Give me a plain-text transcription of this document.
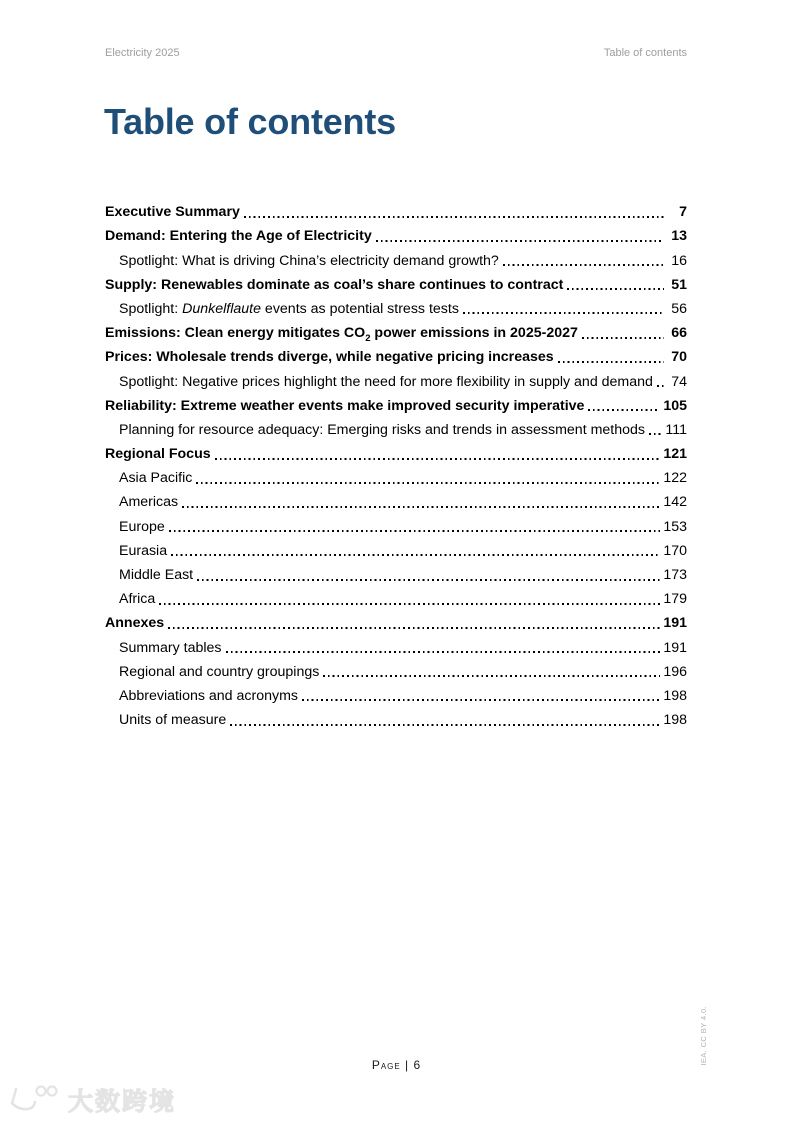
Electricity 2025	Table of contents
Table of contents
Executive Summary	7
Demand: Entering the Age of Electricity	13
Spotlight: What is driving China’s electricity demand growth?	16
Supply: Renewables dominate as coal’s share continues to contract	51
Spotlight: Dunkelflaute events as potential stress tests	56
Emissions: Clean energy mitigates $CO_2$ power emissions in 2025-2027	66
Prices: Wholesale trends diverge, while negative pricing increases	70
Spotlight: Negative prices highlight the need for more flexibility in supply and demand 74
Reliability: Extreme weather events make improved security imperative	105
Planning for resource adequacy: Emerging risks and trends in assessment methods 111
Regional Focus	121
Asia Pacific	122
Americas	142
Europe	153
Eurasia	170
Middle East	173
Africa	179
Annexes	191
Summary tables	191
Regional and country groupings	196
Abbreviations and acronyms	198
Units of measure	198
Page | 6	IEA. CC BY 4.0.
大数跨境
